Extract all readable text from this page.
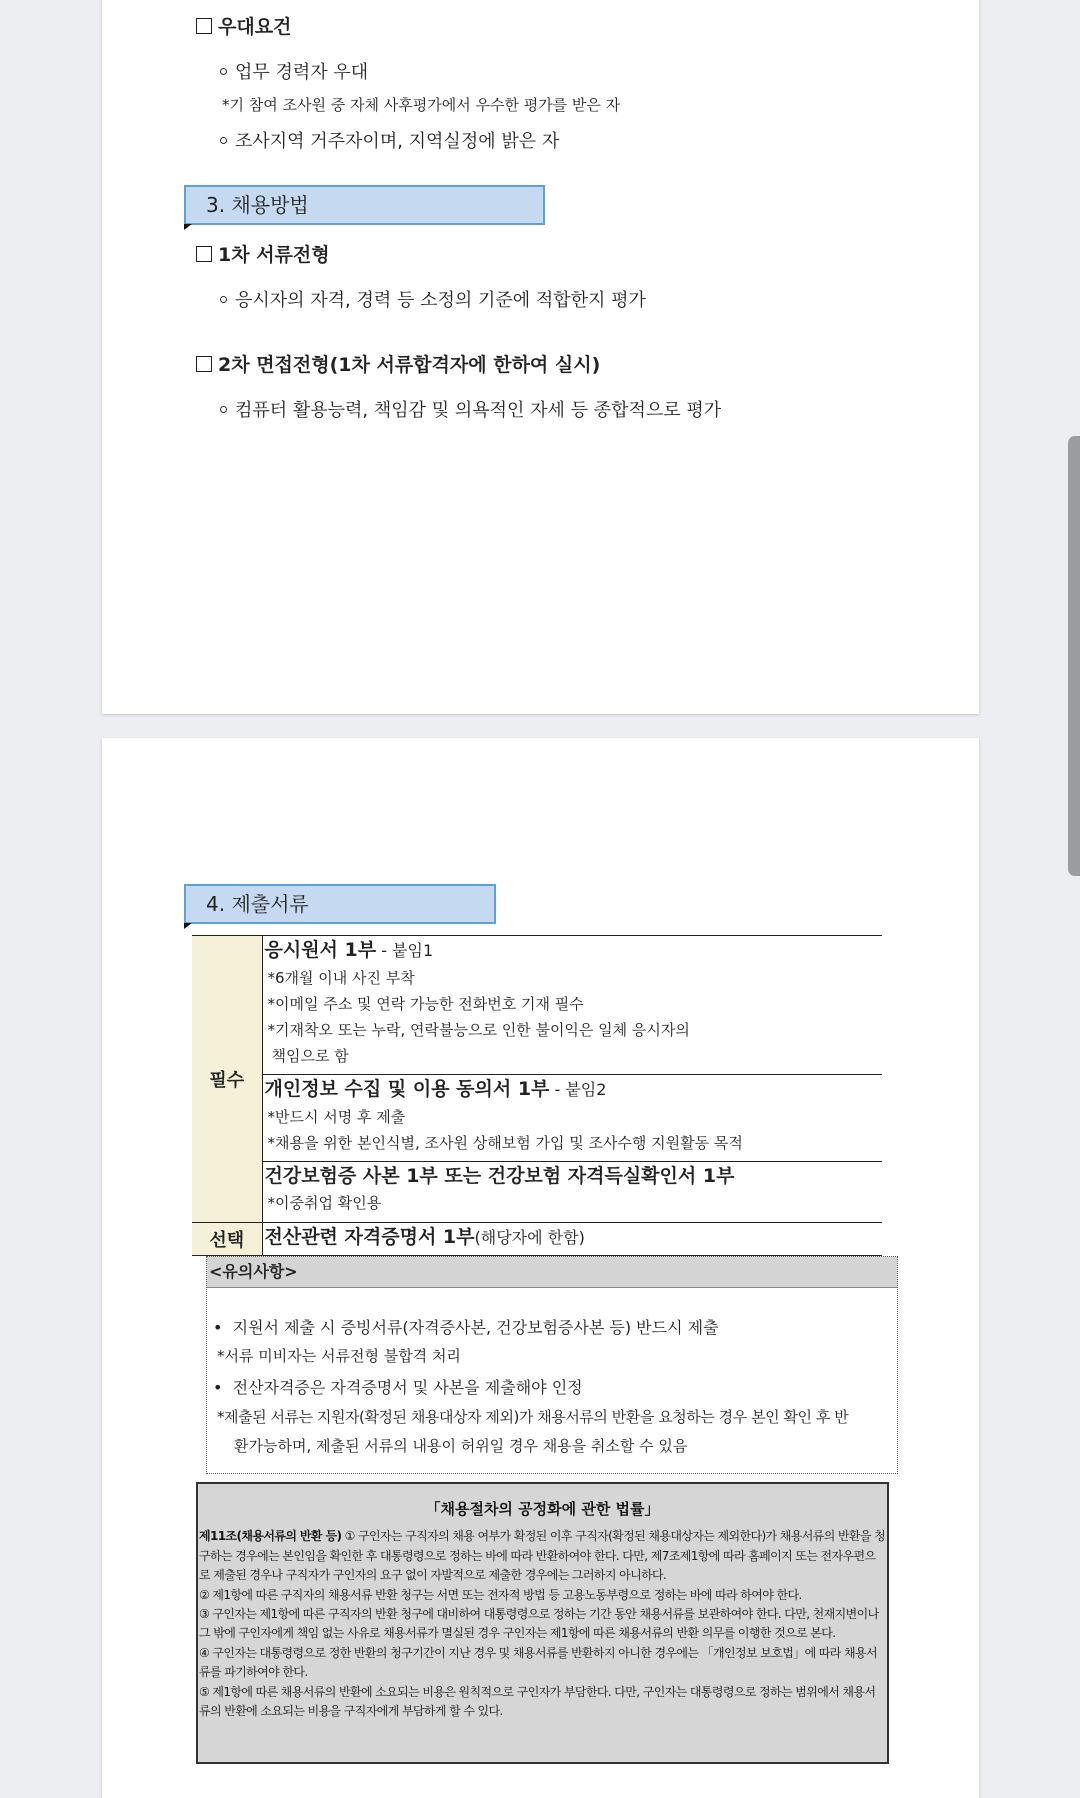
우대요건
업무 경력자 우대
*기 참여 조사원 중 자체 사후평가에서 우수한 평가를 받은 자
조사지역 거주자이며, 지역실정에 밝은 자
3. 채용방법
1차 서류전형
응시자의 자격, 경력 등 소정의 기준에 적합한지 평가
2차 면접전형(1차 서류합격자에 한하여 실시)
컴퓨터 활용능력, 책임감 및 의욕적인 자세 등 종합적으로 평가
4. 제출서류
필수	응시원서 1부 - 붙임1
*6개월 이내 사진 부착
*이메일 주소 및 연락 가능한 전화번호 기재 필수
*기재착오 또는 누락, 연락불능으로 인한 불이익은 일체 응시자의
책임으로 함

	개인정보 수집 및 이용 동의서 1부 - 붙임2
*반드시 서명 후 제출
*채용을 위한 본인식별, 조사원 상해보험 가입 및 조사수행 지원활동 목적

	건강보험증 사본 1부 또는 건강보험 자격득실확인서 1부
*이중취업 확인용

선택	전산관련 자격증명서 1부(해당자에 한함)
<유의사항>
•  지원서 제출 시 증빙서류(자격증사본, 건강보험증사본 등) 반드시 제출
*서류 미비자는 서류전형 불합격 처리
•  전산자격증은 자격증명서 및 사본을 제출해야 인정
*제출된 서류는 지원자(확정된 채용대상자 제외)가 채용서류의 반환을 요청하는 경우 본인 확인 후 반
환가능하며, 제출된 서류의 내용이 허위일 경우 채용을 취소할 수 있음
「채용절차의 공정화에 관한 법률」

제11조(채용서류의 반환 등) ① 구인자는 구직자의 채용 여부가 확정된 이후 구직자(확정된 채용대상자는 제외한다)가 채용서류의 반환을 청구하는 경우에는 본인임을 확인한 후 대통령령으로 정하는 바에 따라 반환하여야 한다. 다만, 제7조제1항에 따라 홈페이지 또는 전자우편으로 제출된 경우나 구직자가 구인자의 요구 없이 자발적으로 제출한 경우에는 그러하지 아니하다.

② 제1항에 따른 구직자의 채용서류 반환 청구는 서면 또는 전자적 방법 등 고용노동부령으로 정하는 바에 따라 하여야 한다.

③ 구인자는 제1항에 따른 구직자의 반환 청구에 대비하여 대통령령으로 정하는 기간 동안 채용서류를 보관하여야 한다. 다만, 천재지변이나 그 밖에 구인자에게 책임 없는 사유로 채용서류가 멸실된 경우 구인자는 제1항에 따른 채용서류의 반환 의무를 이행한 것으로 본다.

④ 구인자는 대통령령으로 정한 반환의 청구기간이 지난 경우 및 채용서류를 반환하지 아니한 경우에는 「개인정보 보호법」에 따라 채용서류를 파기하여야 한다.

⑤ 제1항에 따른 채용서류의 반환에 소요되는 비용은 원칙적으로 구인자가 부담한다. 다만, 구인자는 대통령령으로 정하는 범위에서 채용서류의 반환에 소요되는 비용을 구직자에게 부담하게 할 수 있다.
